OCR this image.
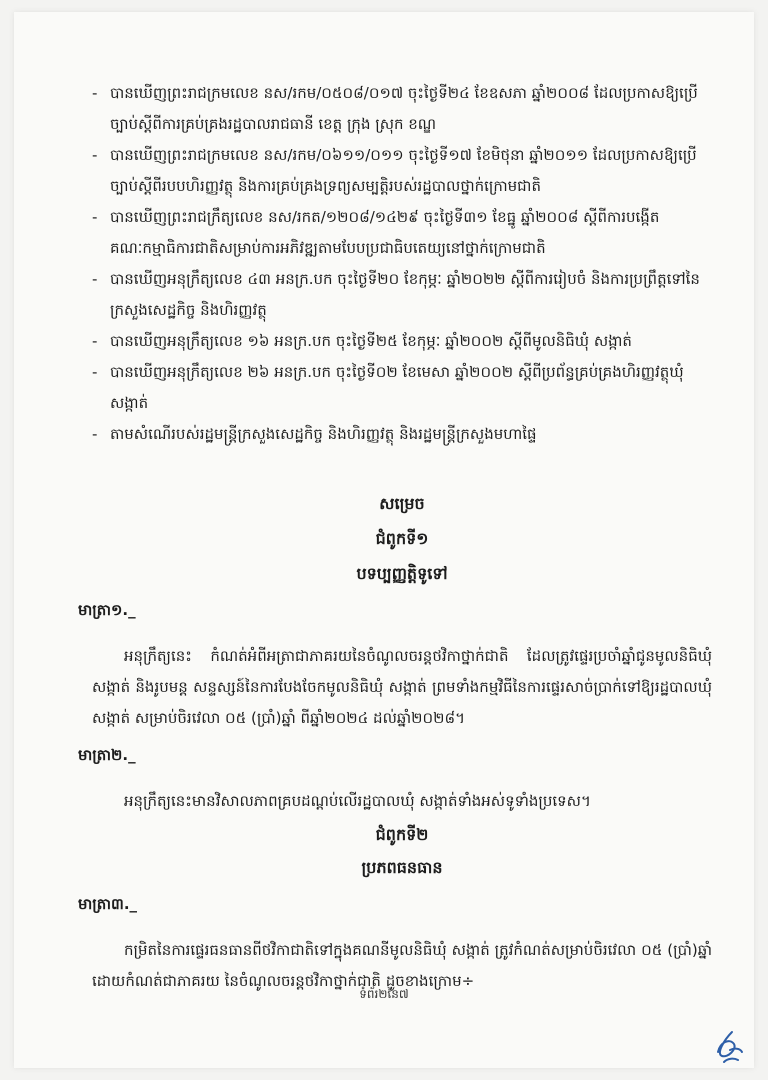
- បានឃើញព្រះរាជក្រមលេខ នស/រកម/០៥០៨/០១៧ ចុះថ្ងៃទី២៤ ខែឧសភា ឆ្នាំ២០០៨ ដែលប្រកាសឱ្យប្រើច្បាប់ស្ដីពីការគ្រប់គ្រងរដ្ឋបាលរាជធានី ខេត្ត ក្រុង ស្រុក ខណ្ឌ

- បានឃើញព្រះរាជក្រមលេខ នស/រកម/០៦១១/០១១ ចុះថ្ងៃទី១៧ ខែមិថុនា ឆ្នាំ២០១១ ដែលប្រកាសឱ្យប្រើច្បាប់ស្ដីពីរបបហិរញ្ញវត្ថុ និងការគ្រប់គ្រងទ្រព្យសម្បត្តិរបស់រដ្ឋបាលថ្នាក់ក្រោមជាតិ

- បានឃើញព្រះរាជក្រឹត្យលេខ នស/រកត/១២០៨/១៤២៩ ចុះថ្ងៃទី៣១ ខែធ្នូ ឆ្នាំ២០០៨ ស្ដីពីការបង្កើតគណៈកម្មាធិការជាតិសម្រាប់ការអភិវឌ្ឍតាមបែបប្រជាធិបតេយ្យនៅថ្នាក់ក្រោមជាតិ

- បានឃើញអនុក្រឹត្យលេខ ៤៣ អនក្រ.បក ចុះថ្ងៃទី២០ ខែកុម្ភៈ ឆ្នាំ២០២២ ស្ដីពីការរៀបចំ និងការប្រព្រឹត្តទៅនៃក្រសួងសេដ្ឋកិច្ច និងហិរញ្ញវត្ថុ

- បានឃើញអនុក្រឹត្យលេខ ១៦ អនក្រ.បក ចុះថ្ងៃទី២៥ ខែកុម្ភៈ ឆ្នាំ២០០២ ស្ដីពីមូលនិធិឃុំ សង្កាត់

- បានឃើញអនុក្រឹត្យលេខ ២៦ អនក្រ.បក ចុះថ្ងៃទី០២ ខែមេសា ឆ្នាំ២០០២ ស្ដីពីប្រព័ន្ធគ្រប់គ្រងហិរញ្ញវត្ថុឃុំ សង្កាត់

- តាមសំណើរបស់រដ្ឋមន្ត្រីក្រសួងសេដ្ឋកិច្ច និងហិរញ្ញវត្ថុ និងរដ្ឋមន្ត្រីក្រសួងមហាផ្ទៃ

សម្រេច

ជំពូកទី១

បទប្បញ្ញត្តិទូទៅ

មាត្រា១._

អនុក្រឹត្យនេះ កំណត់អំពីអត្រាជាភាគរយនៃចំណូលចរន្តថវិកាថ្នាក់ជាតិ ដែលត្រូវផ្ទេរប្រចាំឆ្នាំជូនមូលនិធិឃុំ សង្កាត់ និងរូបមន្ត សន្ទស្សន៍នៃការបែងចែកមូលនិធិឃុំ សង្កាត់ ព្រមទាំងកម្មវិធីនៃការផ្ទេរសាច់ប្រាក់ទៅឱ្យរដ្ឋបាលឃុំ សង្កាត់ សម្រាប់ចិរវេលា ០៥ (ប្រាំ)ឆ្នាំ ពីឆ្នាំ២០២៤ ដល់ឆ្នាំ២០២៨។

មាត្រា២._

អនុក្រឹត្យនេះមានវិសាលភាពគ្របដណ្ដប់លើរដ្ឋបាលឃុំ សង្កាត់ទាំងអស់ទូទាំងប្រទេស។

ជំពូកទី២

ប្រភពធនធាន

មាត្រា៣._

កម្រិតនៃការផ្ទេរធនធានពីថវិកាជាតិទៅក្នុងគណនីមូលនិធិឃុំ សង្កាត់ ត្រូវកំណត់សម្រាប់ចិរវេលា ០៥ (ប្រាំ)ឆ្នាំ ដោយកំណត់ជាភាគរយ នៃចំណូលចរន្តថវិកាថ្នាក់ជាតិ ដូចខាងក្រោម÷

ទំព័រ២នៃ៧
